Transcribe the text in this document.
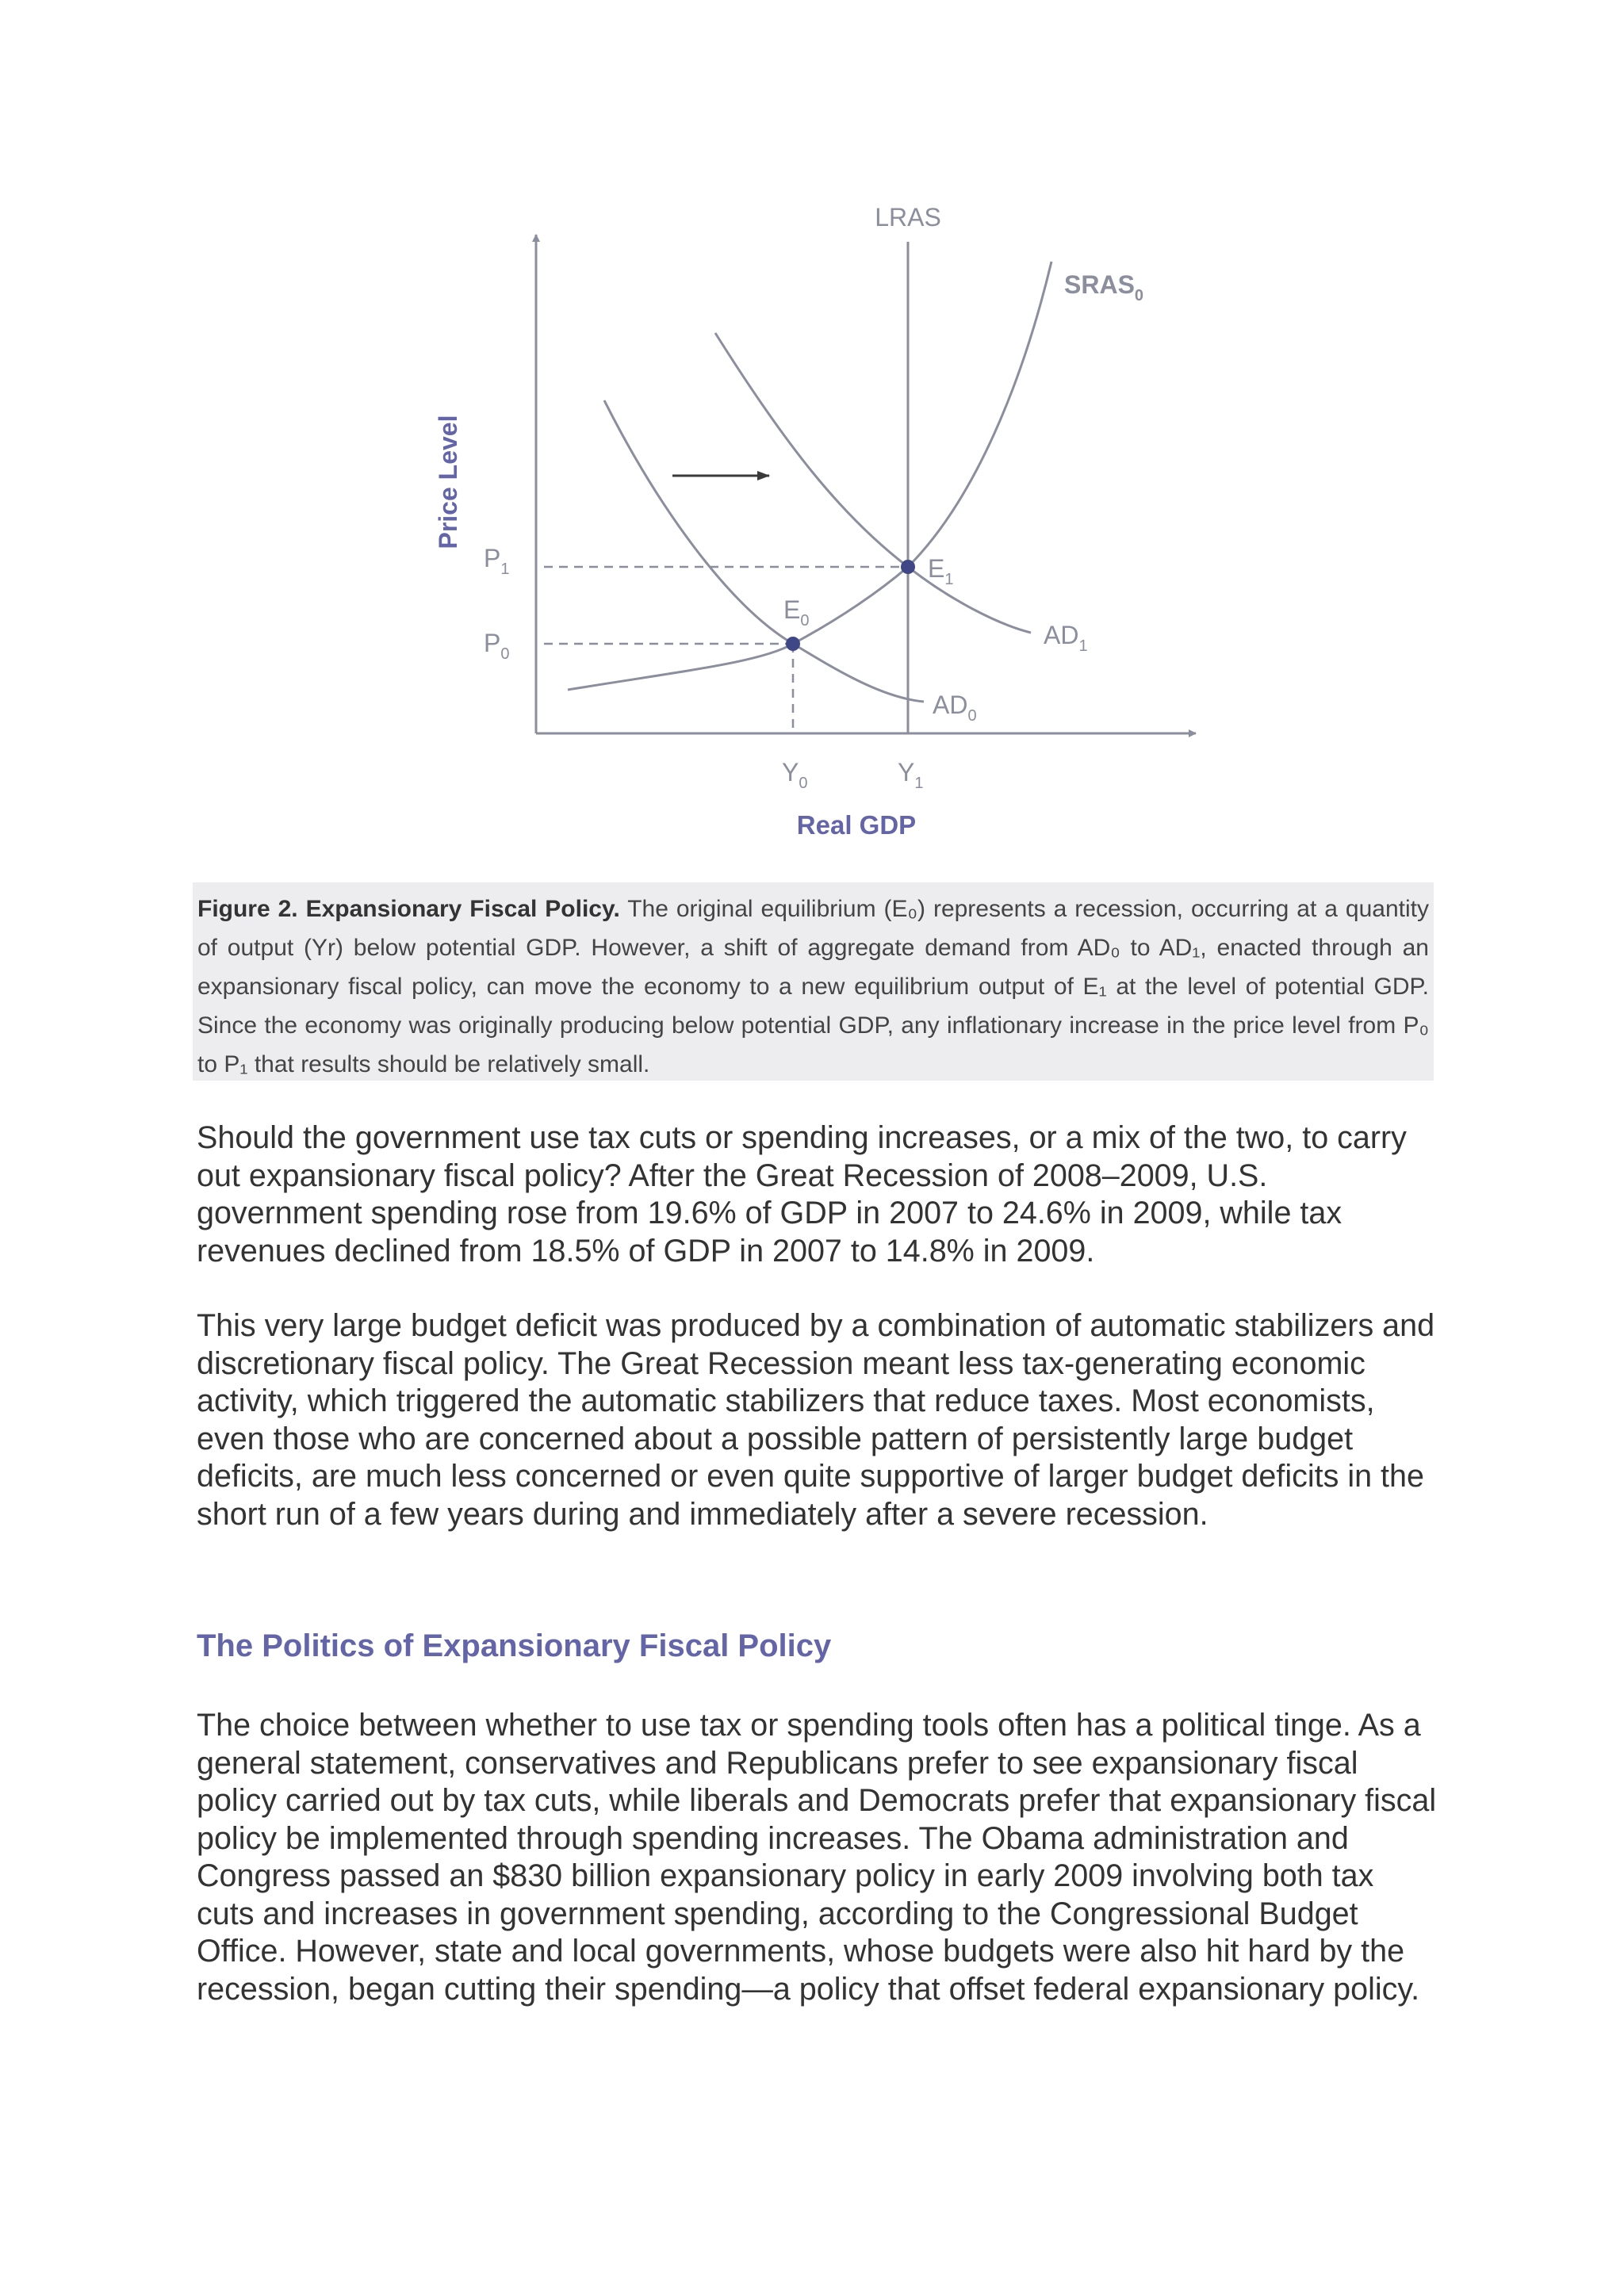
LRAS
$SRAS_0$
$AD_1$
$AD_0$
$E_0$
$E_1$
$P_1$
$P_0$
$Y_0$	$Y_1$
Real GDP
Price Level
Figure 2. Expansionary Fiscal Policy. The original equilibrium (E₀) represents a recession, occurring at a quantity of output (Yr) below potential GDP. However, a shift of aggregate demand from AD₀ to AD₁, enacted through an expansionary fiscal policy, can move the economy to a new equilibrium output of E₁ at the level of potential GDP. Since the economy was originally producing below potential GDP, any inflationary increase in the price level from P₀ to P₁ that results should be relatively small.
Should the government use tax cuts or spending increases, or a mix of the two, to carry out expansionary fiscal policy? After the Great Recession of 2008–2009, U.S. government spending rose from 19.6% of GDP in 2007 to 24.6% in 2009, while tax revenues declined from 18.5% of GDP in 2007 to 14.8% in 2009.
This very large budget deficit was produced by a combination of automatic stabilizers and discretionary fiscal policy. The Great Recession meant less tax-generating economic activity, which triggered the automatic stabilizers that reduce taxes. Most economists, even those who are concerned about a possible pattern of persistently large budget deficits, are much less concerned or even quite supportive of larger budget deficits in the short run of a few years during and immediately after a severe recession.
The Politics of Expansionary Fiscal Policy
The choice between whether to use tax or spending tools often has a political tinge. As a general statement, conservatives and Republicans prefer to see expansionary fiscal policy carried out by tax cuts, while liberals and Democrats prefer that expansionary fiscal policy be implemented through spending increases. The Obama administration and Congress passed an $830 billion expansionary policy in early 2009 involving both tax cuts and increases in government spending, according to the Congressional Budget Office. However, state and local governments, whose budgets were also hit hard by the recession, began cutting their spending—a policy that offset federal expansionary policy.
